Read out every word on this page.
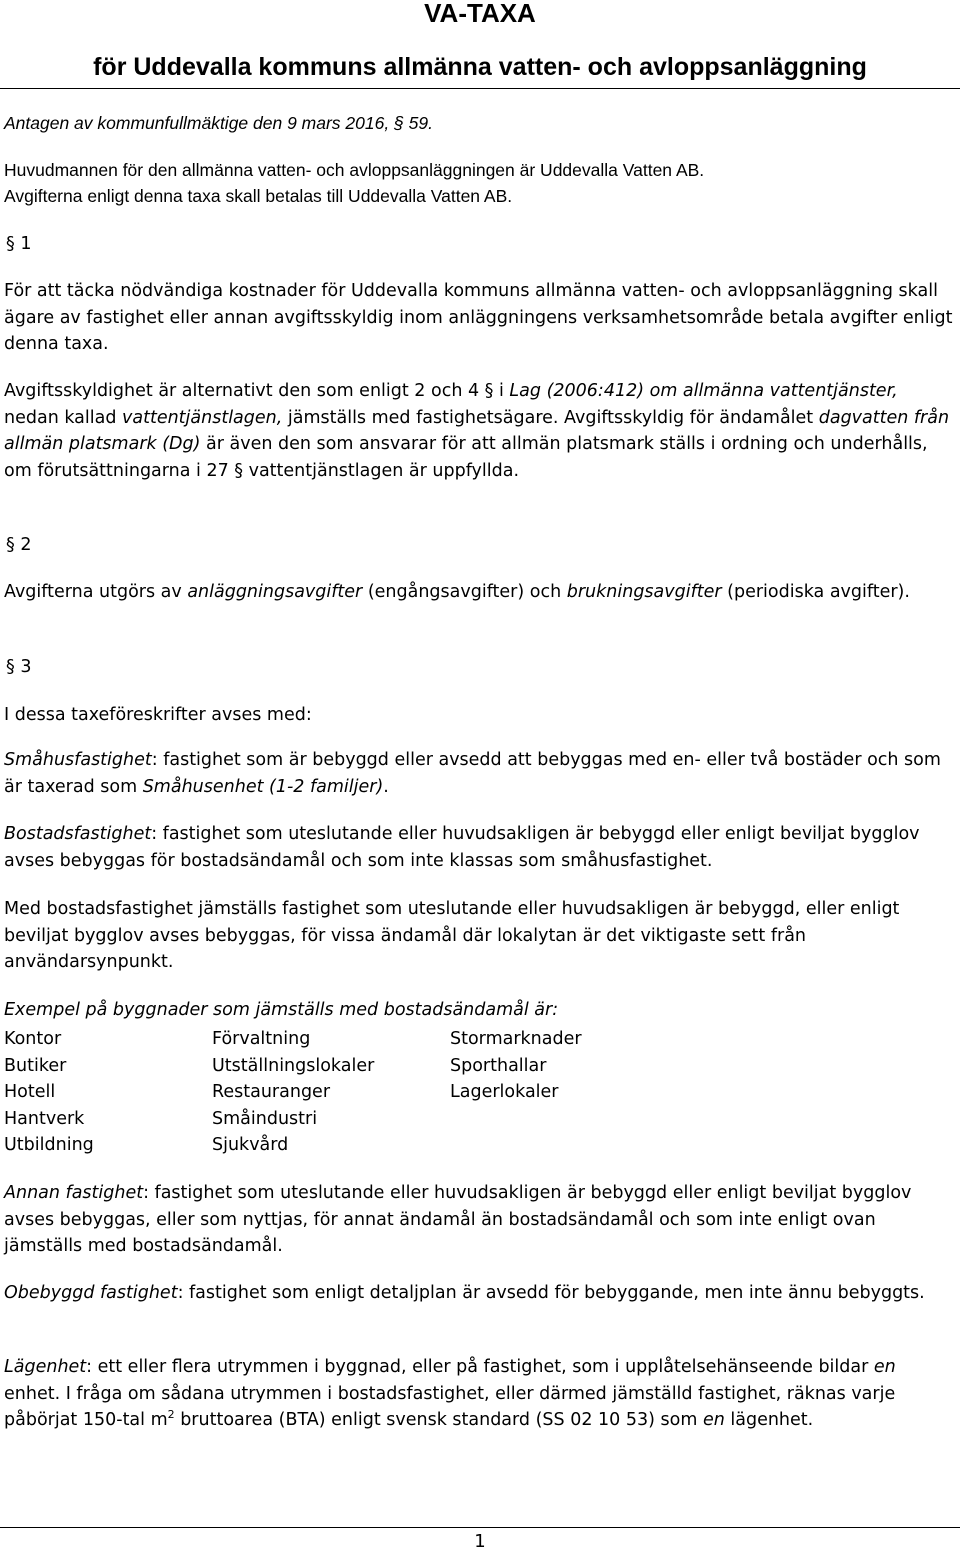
VA-TAXA
för Uddevalla kommuns allmänna vatten- och avloppsanläggning

Antagen av kommunfullmäktige den 9 mars 2016, § 59.

Huvudmannen för den allmänna vatten- och avloppsanläggningen är Uddevalla Vatten AB.

Avgifterna enligt denna taxa skall betalas till Uddevalla Vatten AB.

§ 1

För att täcka nödvändiga kostnader för Uddevalla kommuns allmänna vatten- och avloppsanläggning skall ägare av fastighet eller annan avgiftsskyldig inom anläggningens verksamhetsområde betala avgifter enligt denna taxa.

Avgiftsskyldighet är alternativt den som enligt 2 och 4 § i Lag (2006:412) om allmänna vattentjänster, nedan kallad vattentjänstlagen, jämställs med fastighetsägare. Avgiftsskyldig för ändamålet dagvatten från allmän platsmark (Dg) är även den som ansvarar för att allmän platsmark ställs i ordning och underhålls, om förutsättningarna i 27 § vattentjänstlagen är uppfyllda.

§ 2

Avgifterna utgörs av anläggningsavgifter (engångsavgifter) och brukningsavgifter (periodiska avgifter).

§ 3

I dessa taxeföreskrifter avses med:

Småhusfastighet: fastighet som är bebyggd eller avsedd att bebyggas med en- eller två bostäder och som är taxerad som Småhusenhet (1-2 familjer).

Bostadsfastighet: fastighet som uteslutande eller huvudsakligen är bebyggd eller enligt beviljat bygglov avses bebyggas för bostadsändamål och som inte klassas som småhusfastighet.

Med bostadsfastighet jämställs fastighet som uteslutande eller huvudsakligen är bebyggd, eller enligt beviljat bygglov avses bebyggas, för vissa ändamål där lokalytan är det viktigaste sett från användarsynpunkt.

Exempel på byggnader som jämställs med bostadsändamål är:

Kontor	Förvaltning	Stormarknader
Butiker	Utställningslokaler	Sporthallar
Hotell	Restauranger	Lagerlokaler
Hantverk	Småindustri
Utbildning	Sjukvård

Annan fastighet: fastighet som uteslutande eller huvudsakligen är bebyggd eller enligt beviljat bygglov avses bebyggas, eller som nyttjas, för annat ändamål än bostadsändamål och som inte enligt ovan jämställs med bostadsändamål.

Obebyggd fastighet: fastighet som enligt detaljplan är avsedd för bebyggande, men inte ännu bebyggts.

Lägenhet: ett eller flera utrymmen i byggnad, eller på fastighet, som i upplåtelsehänseende bildar en enhet. I fråga om sådana utrymmen i bostadsfastighet, eller därmed jämställd fastighet, räknas varje påbörjat 150-tal $m^2$ bruttoarea (BTA) enligt svensk standard (SS 02 10 53) som en lägenhet.

1
